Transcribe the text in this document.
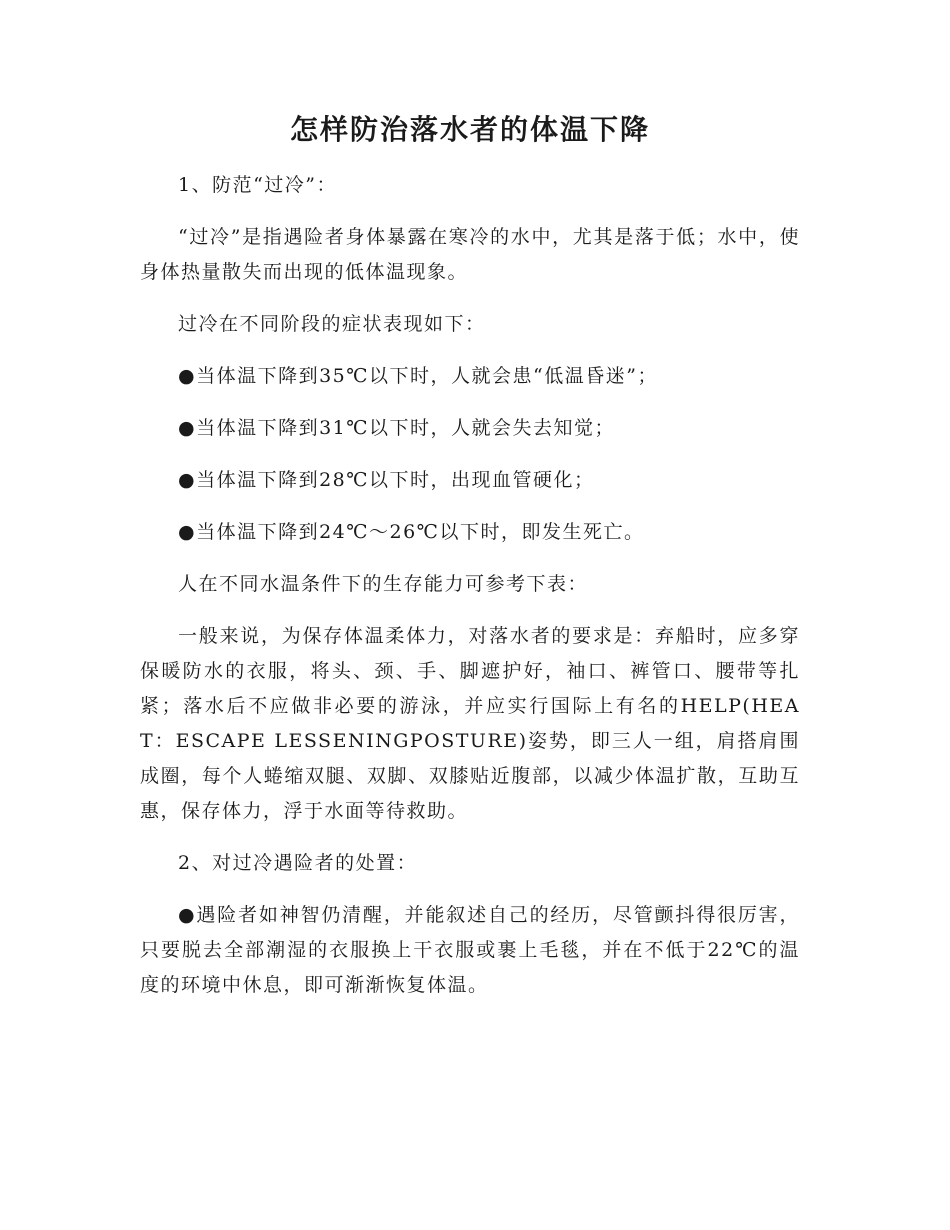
怎样防治落水者的体温下降

1、防范“过冷”：

“过冷”是指遇险者身体暴露在寒冷的水中，尤其是落于低；水中，使身体热量散失而出现的低体温现象。

过冷在不同阶段的症状表现如下：

●当体温下降到35℃以下时，人就会患“低温昏迷”；

●当体温下降到31℃以下时，人就会失去知觉；

●当体温下降到28℃以下时，出现血管硬化；

●当体温下降到24℃～26℃以下时，即发生死亡。

人在不同水温条件下的生存能力可参考下表：

一般来说，为保存体温柔体力，对落水者的要求是：弃船时，应多穿保暖防水的衣服，将头、颈、手、脚遮护好，袖口、裤管口、腰带等扎紧；落水后不应做非必要的游泳，并应实行国际上有名的HELP(HEAT：ESCAPE LESSENINGPOSTURE)姿势，即三人一组，肩搭肩围成圈，每个人蜷缩双腿、双脚、双膝贴近腹部，以减少体温扩散，互助互惠，保存体力，浮于水面等待救助。

2、对过冷遇险者的处置：

●遇险者如神智仍清醒，并能叙述自己的经历，尽管颤抖得很厉害，只要脱去全部潮湿的衣服换上干衣服或裹上毛毯，并在不低于22℃的温度的环境中休息，即可渐渐恢复体温。
